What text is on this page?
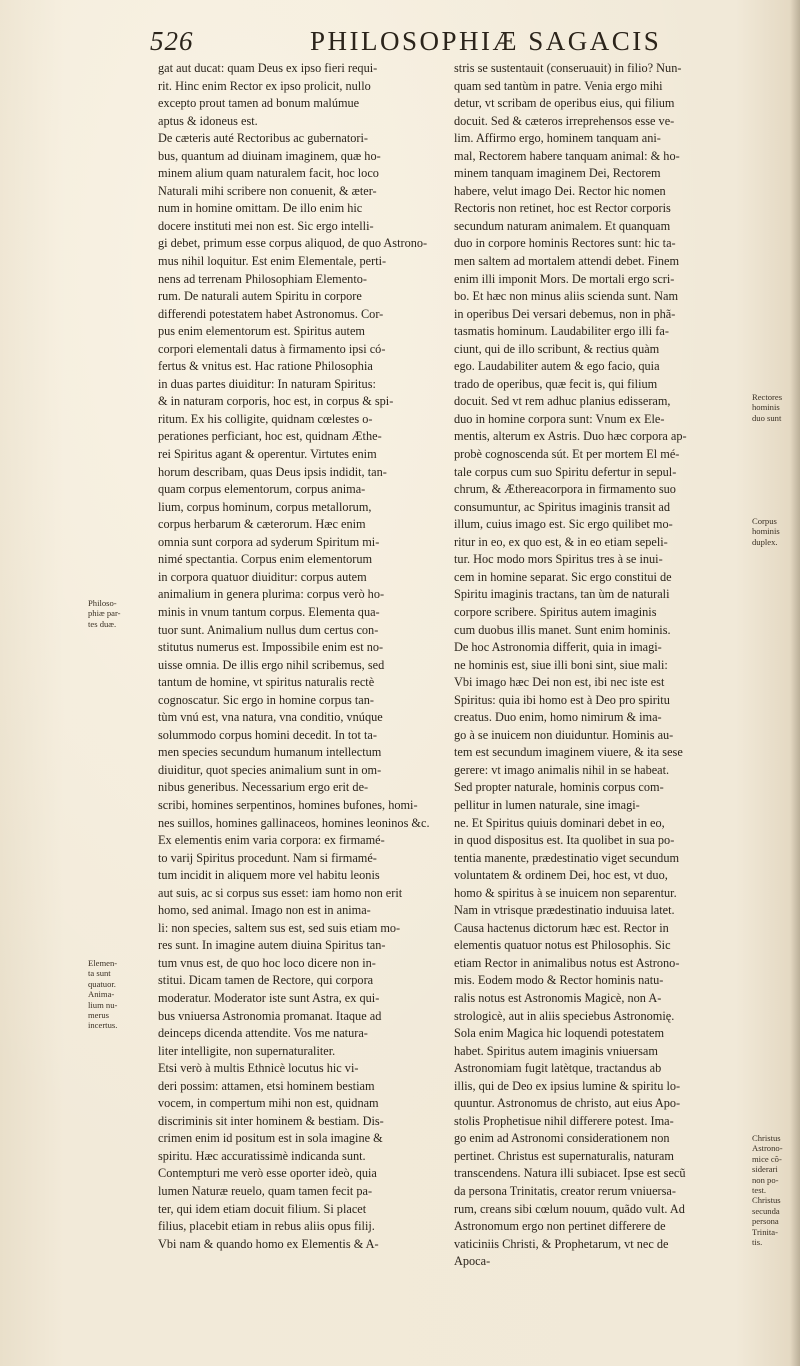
526	PHILOSOPHIÆ SAGACIS
gat aut ducat: quam Deus ex ipso fieri requi-
rit. Hinc enim Rector ex ipso prolicit, nullo
excepto prout tamen ad bonum malúmue
aptus & idoneus est.
De cæteris auté Rectoribus ac gubernatori-
bus, quantum ad diuinam imaginem, quæ ho-
minem alium quam naturalem facit, hoc loco
Naturali mihi scribere non conuenit, & æter-
num in homine omittam. De illo enim hic
docere instituti mei non est. Sic ergo intelli-
gi debet, primum esse corpus aliquod, de quo Astrono-
mus nihil loquitur. Est enim Elementale, perti-
nens ad terrenam Philosophiam Elemento-
rum. De naturali autem Spiritu in corpore
differendi potestatem habet Astronomus. Cor-
pus enim elementorum est. Spiritus autem
corpori elementali datus à firmamento ipsi có-
fertus & vnitus est. Hac ratione Philosophia
in duas partes diuiditur: In naturam Spiritus:
& in naturam corporis, hoc est, in corpus & spi-
ritum. Ex his colligite, quidnam cœlestes o-
perationes perficiant, hoc est, quidnam Æthe-
rei Spiritus agant & operentur. Virtutes enim
horum describam, quas Deus ipsis indidit, tan-
quam corpus elementorum, corpus anima-
lium, corpus hominum, corpus metallorum,
corpus herbarum & cæterorum. Hæc enim
omnia sunt corpora ad syderum Spiritum mi-
nimé spectantia. Corpus enim elementorum
in corpora quatuor diuiditur: corpus autem
animalium in genera plurima: corpus verò ho-
minis in vnum tantum corpus. Elementa qua-
tuor sunt. Animalium nullus dum certus con-
stitutus numerus est. Impossibile enim est no-
uisse omnia. De illis ergo nihil scribemus, sed
tantum de homine, vt spiritus naturalis rectè
cognoscatur. Sic ergo in homine corpus tan-
tùm vnú est, vna natura, vna conditio, vnúque
solummodo corpus homini decedit. In tot ta-
men species secundum humanum intellectum
diuiditur, quot species animalium sunt in om-
nibus generibus. Necessarium ergo erit de-
scribi, homines serpentinos, homines bufones, homi-
nes suillos, homines gallinaceos, homines leoninos &c.
Ex elementis enim varia corpora: ex firmamé-
to varij Spiritus procedunt. Nam si firmamé-
tum incidit in aliquem more vel habitu leonis
aut suis, ac si corpus sus esset: iam homo non erit
homo, sed animal. Imago non est in anima-
li: non species, saltem sus est, sed suis etiam mo-
res sunt. In imagine autem diuina Spiritus tan-
tum vnus est, de quo hoc loco dicere non in-
stitui. Dicam tamen de Rectore, qui corpora
moderatur. Moderator iste sunt Astra, ex qui-
bus vniuersa Astronomia promanat. Itaque ad
deinceps dicenda attendite. Vos me natura-
liter intelligite, non supernaturaliter.
Etsi verò à multis Ethnicè locutus hic vi-
deri possim: attamen, etsi hominem bestiam
vocem, in compertum mihi non est, quidnam
discriminis sit inter hominem & bestiam. Dis-
crimen enim id positum est in sola imagine &
spiritu. Hæc accuratissimè indicanda sunt.
Contempturi me verò esse oporter ideò, quia
lumen Naturæ reuelo, quam tamen fecit pa-
ter, qui idem etiam docuit filium. Si placet
filius, placebit etiam in rebus aliis opus filij.
Vbi nam & quando homo ex Elementis & A-
stris se sustentauit (conseruauit) in filio? Nun-
quam sed tantùm in patre. Venia ergo mihi
detur, vt scribam de operibus eius, qui filium
docuit. Sed & cæteros irreprehensos esse ve-
lim. Affirmo ergo, hominem tanquam ani-
mal, Rectorem habere tanquam animal: & ho-
minem tanquam imaginem Dei, Rectorem
habere, velut imago Dei. Rector hic nomen
Rectoris non retinet, hoc est Rector corporis
secundum naturam animalem. Et quanquam
duo in corpore hominis Rectores sunt: hic ta-
men saltem ad mortalem attendi debet. Finem
enim illi imponit Mors. De mortali ergo scri-
bo. Et hæc non minus aliis scienda sunt. Nam
in operibus Dei versari debemus, non in phã-
tasmatis hominum. Laudabiliter ergo illi fa-
ciunt, qui de illo scribunt, & rectius quàm
ego. Laudabiliter autem & ego facio, quia
trado de operibus, quæ fecit is, qui filium
docuit. Sed vt rem adhuc planius edisseram,
duo in homine corpora sunt: Vnum ex Ele-
mentis, alterum ex Astris. Duo hæc corpora ap-
probè cognoscenda sút. Et per mortem El mé-
tale corpus cum suo Spiritu defertur in sepul-
chrum, & Æthereacorpora in firmamento suo
consumuntur, ac Spiritus imaginis transit ad
illum, cuius imago est. Sic ergo quilibet mo-
ritur in eo, ex quo est, & in eo etiam sepeli-
tur. Hoc modo mors Spiritus tres à se inui-
cem in homine separat. Sic ergo constitui de
Spiritu imaginis tractans, tan ùm de naturali
corpore scribere. Spiritus autem imaginis
cum duobus illis manet. Sunt enim hominis.
De hoc Astronomia differit, quia in imagi-
ne hominis est, siue illi boni sint, siue mali:
Vbi imago hæc Dei non est, ibi nec iste est
Spiritus: quia ibi homo est à Deo pro spiritu
creatus. Duo enim, homo nimirum & ima-
go à se inuicem non diuiduntur. Hominis au-
tem est secundum imaginem viuere, & ita sese
gerere: vt imago animalis nihil in se habeat.
Sed propter naturale, hominis corpus com-
pellitur in lumen naturale, sine imagi-
ne. Et Spiritus quiuis dominari debet in eo,
in quod dispositus est. Ita quolibet in sua po-
tentia manente, prædestinatio viget secundum
voluntatem & ordinem Dei, hoc est, vt duo,
homo & spiritus à se inuicem non separentur.
Nam in vtrisque prædestinatio induuisa latet.
Causa hactenus dictorum hæc est. Rector in
elementis quatuor notus est Philosophis. Sic
etiam Rector in animalibus notus est Astrono-
mis. Eodem modo & Rector hominis natu-
ralis notus est Astronomis Magicè, non A-
strologicè, aut in aliis speciebus Astronomię.
Sola enim Magica hic loquendi potestatem
habet. Spiritus autem imaginis vniuersam
Astronomiam fugit latètque, tractandus ab
illis, qui de Deo ex ipsius lumine & spiritu lo-
quuntur. Astronomus de christo, aut eius Apo-
stolis Prophetisue nihil differere potest. Ima-
go enim ad Astronomi considerationem non
pertinet. Christus est supernaturalis, naturam
transcendens. Natura illi subiacet. Ipse est secũ
da persona Trinitatis, creator rerum vniuersa-
rum, creans sibi cœlum nouum, quãdo vult. Ad
Astronomum ergo non pertinet differere de
vaticiniis Christi, & Prophetarum, vt nec de
Apoca-
Philoso-
phiæ par-
tes duæ.
Elemen-
ta sunt
quatuor.
Anima-
lium nu-
merus
incertus.
Rectores
hominis
duo sunt
Corpus
hominis
duplex.
Christus
Astrono-
mice cõ-
siderari
non po-
test.
Christus
secunda
persona
Trinita-
tis.
